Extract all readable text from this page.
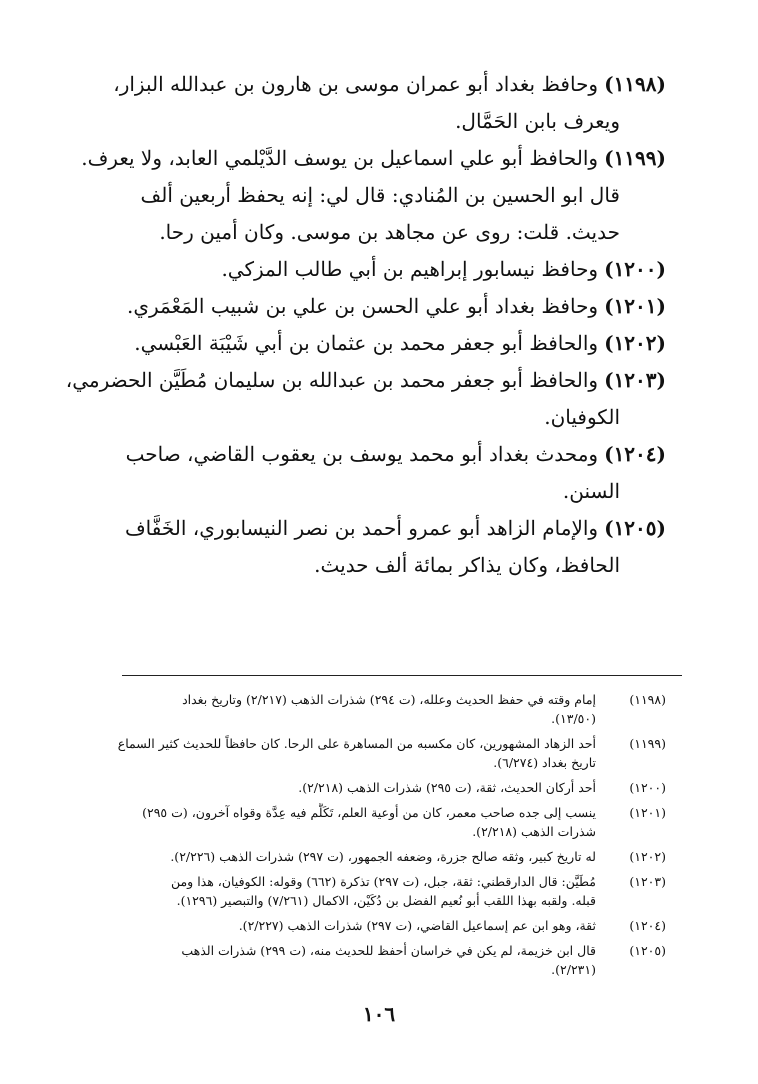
(١١٩٨)وحافظ بغداد أبو عمران موسى بن هارون بن عبدالله البزار،
ويعرف بابن الحَمَّال.
(١١٩٩)والحافظ أبو علي اسماعيل بن يوسف الدَّيْلمي العابد، ولا يعرف.
قال ابو الحسين بن المُنادي: قال لي: إنه يحفظ أربعين ألف
حديث. قلت: روى عن مجاهد بن موسى. وكان أمين رحا.
(١٢٠٠)وحافظ نيسابور إبراهيم بن أبي طالب المزكي.
(١٢٠١)وحافظ بغداد أبو علي الحسن بن علي بن شبيب المَعْمَري.
(١٢٠٢)والحافظ أبو جعفر محمد بن عثمان بن أبي شَيْبَة العَبْسي.
(١٢٠٣)والحافظ أبو جعفر محمد بن عبدالله بن سليمان مُطَيَّن الحضرمي،
الكوفيان.
(١٢٠٤)ومحدث بغداد أبو محمد يوسف بن يعقوب القاضي، صاحب
السنن.
(١٢٠٥)والإمام الزاهد أبو عمرو أحمد بن نصر النيسابوري، الخَفَّاف
الحافظ، وكان يذاكر بمائة ألف حديث.
(١١٩٨)
إمام وقته في حفظ الحديث وعلله، (ت ٢٩٤) شذرات الذهب (٢/٢١٧) وتاريخ بغداد
(١٣/٥٠).
(١١٩٩)
أحد الزهاد المشهورين، كان مكسبه من المساهرة على الرحا. كان حافظاً للحديث كثير السماع
تاريخ بغداد (٦/٢٧٤).
(١٢٠٠)
أحد أركان الحديث، ثقة، (ت ٢٩٥) شذرات الذهب (٢/٢١٨).
(١٢٠١)
ينسب إلى جده صاحب معمر، كان من أوعية العلم، تَكَلَّم فيه عِدَّة وقواه آخرون، (ت ٢٩٥)
شذرات الذهب (٢/٢١٨).
(١٢٠٢)
له تاريخ كبير، وثقه صالح جزرة، وضعفه الجمهور، (ت ٢٩٧) شذرات الذهب (٢/٢٢٦).
(١٢٠٣)
مُطَيَّن: قال الدارقطني: ثقة، جبل، (ت ٢٩٧) تذكرة (٦٦٢) وقوله: الكوفيان، هذا ومن
قبله. ولقبه بهذا اللقب أبو نُعيم الفضل بن دُكَيْن، الاكمال (٧/٢٦١) والتبصير (١٢٩٦).
(١٢٠٤)
ثقة، وهو ابن عم إسماعيل القاضي، (ت ٢٩٧) شذرات الذهب (٢/٢٢٧).
(١٢٠٥)
قال ابن خزيمة، لم يكن في خراسان أحفظ للحديث منه، (ت ٢٩٩) شذرات الذهب
(٢/٢٣١).
١٠٦
